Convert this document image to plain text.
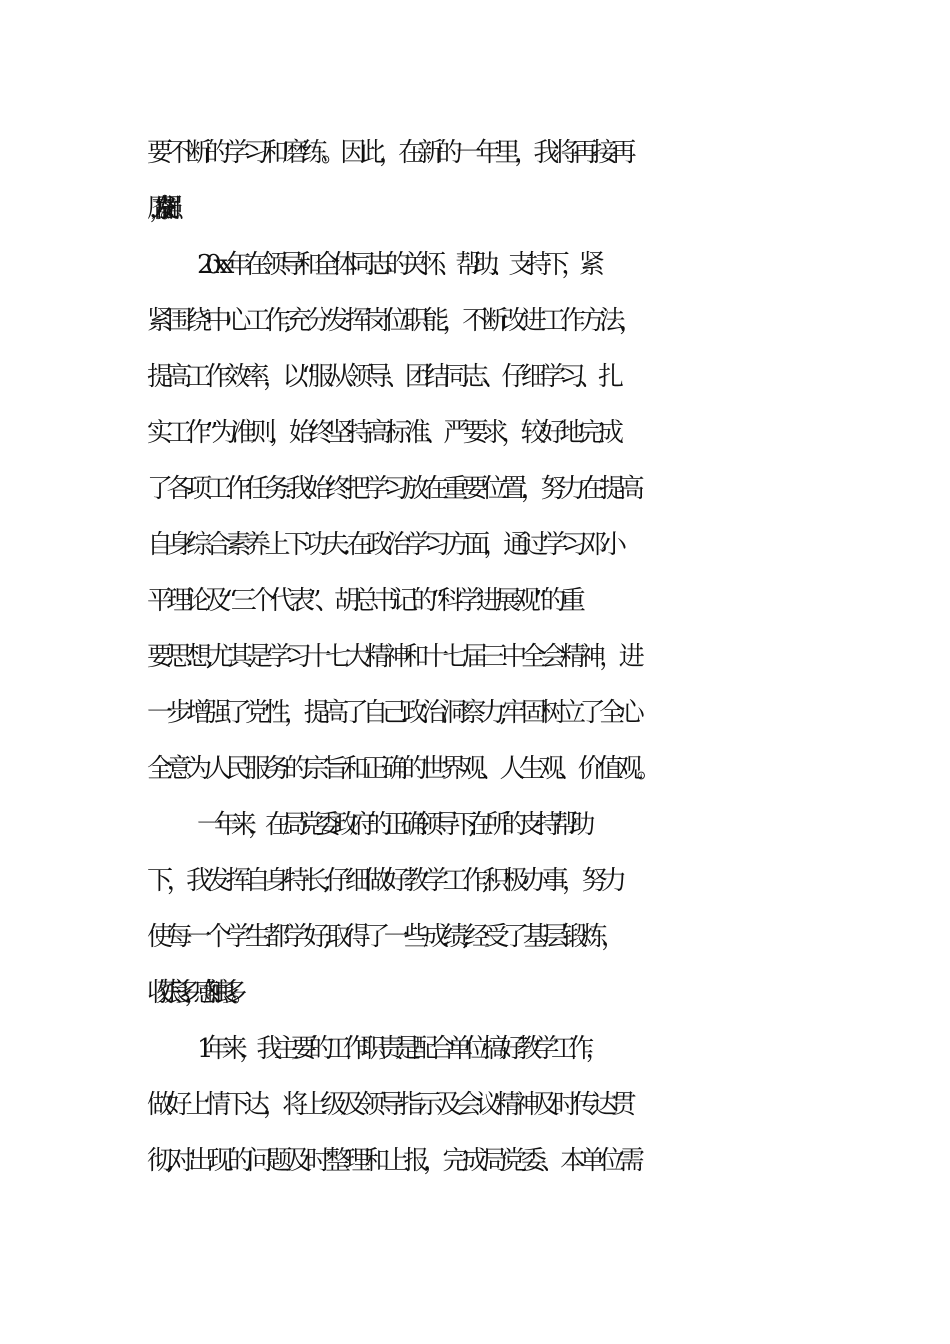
要不断的学习和磨练。因此，在新的一年里，我将再接再
厉，奋发图强。
20xx 年在领导和全体同志的关怀、帮助、支持下，紧
紧围绕中心工作,充分发挥岗位职能，不断改进工作方法，
提高工作效率，以“服从领导、团结同志、仔细学习、扎
实工作”为准则，始终坚持高标准、严要求，较好地完成
了各项工作任务.我始终把学习放在重要位置，努力在提高
自身综合素养上下功夫. 在政治学习方面，通过学习邓小
平理论及“三个代表”、胡总书记的“科学进展观”的重
要思想,尤其是学习十七大精神和十七届三中全会精神，进
一步增强了党性，提高了自己政治洞察力,牢固树立了全心
全意为人民服务的宗旨和正确的世界观、人生观、价值观。
一年来，在局党委政府的正确领导下,在所的支持帮助
下，我发挥自身特长,仔细做好教学工作,积极办事，努力
使每一个学生都学好,取得了一些成绩,经受了基层锻炼，
收获良多，感触良多。
1 年来，我主要的工作职责是配合单位搞好教学工作，
做好上情下达，将上级及领导指示及会议精神及时传达贯
彻,对出现的问题及时整理和上报，完成局党委、本单位需
